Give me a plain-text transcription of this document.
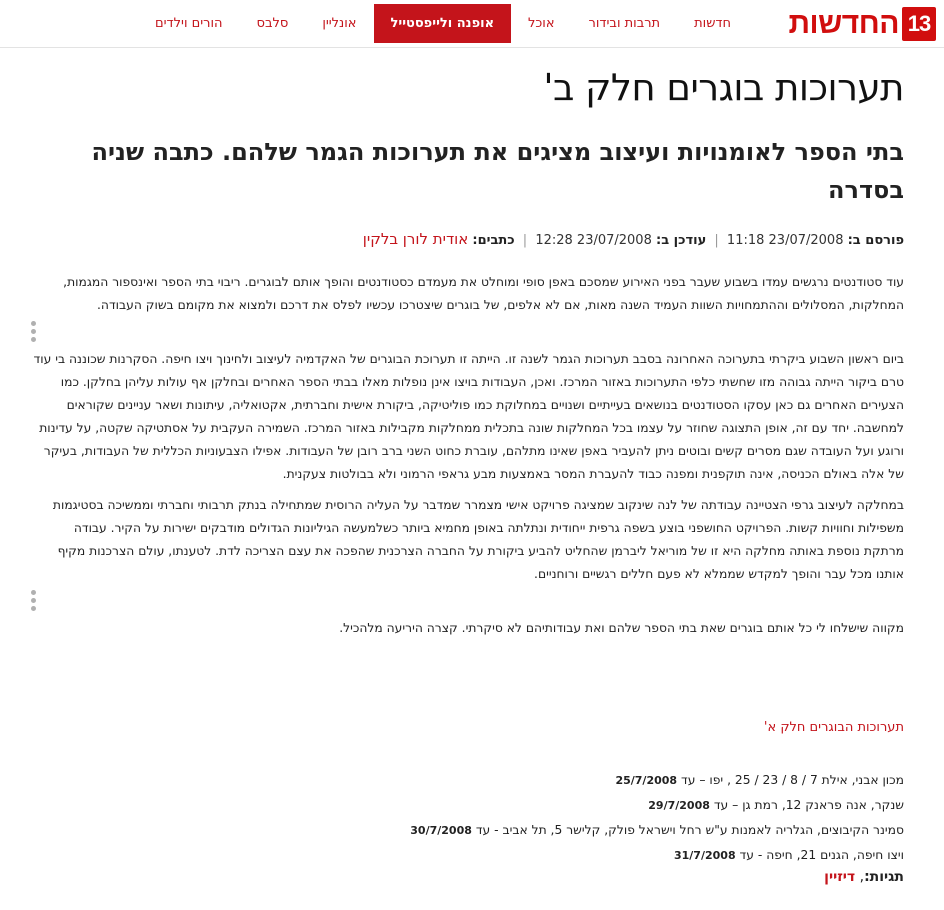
13
החדשות
חדשות
תרבות ובידור
אוכל
אופנה ולייפסטייל
אונליין
סלבס
הורים וילדים
תערוכות בוגרים חלק ב'
בתי הספר לאומנויות ועיצוב מציגים את תערוכות הגמר שלהם. כתבה שניה בסדרה
פורסם ב: 23/07/2008 11:18 | עודכן ב: 23/07/2008 12:28 | כתבים: אודית לורן בלקין

עוד סטודנטים נרגשים עמדו בשבוע שעבר בפני האירוע שמסכם באפן סופי ומוחלט את מעמדם כסטודנטים והופך אותם לבוגרים. ריבוי בתי הספר ואינספור המגמות, המחלקות, המסלולים וההתמחויות השוות העמיד השנה מאות, אם לא אלפים, של בוגרים שיצטרכו עכשיו לפלס את דרכם ולמצוא את מקומם בשוק העבודה.

ביום ראשון השבוע ביקרתי בתערוכה האחרונה בסבב תערוכות הגמר לשנה זו. הייתה זו תערוכת הבוגרים של האקדמיה לעיצוב ולחינוך ויצו חיפה. הסקרנות שכוננה בי עוד טרם ביקור הייתה גבוהה מזו שחשתי כלפי התערוכות באזור המרכז. ואכן, העבודות בויצו אינן נופלות מאלו בבתי הספר האחרים ובחלקן אף עולות עליהן בחלקן. כמו הצעירים האחרים גם כאן עסקו הסטודנטים בנושאים בעייתיים ושנויים במחלוקת כמו פוליטיקה, ביקורת אישית וחברתית, אקטואליה, עיתונות ושאר עניינים שקוראים למחשבה. יחד עם זה, אופן התצוגה שחוזר על עצמו בכל המחלקות שונה בתכלית ממחלקות מקבילות באזור המרכז. השמירה העקבית על אסתטיקה שקטה, על עדינות ורוגע ועל העובדה שגם מסרים קשים ובוטים ניתן להעביר באפן שאינו מתלהם, עוברת כחוט השני ברב רובן של העבודות. אפילו הצבעוניות הכללית של העבודות, בעיקר של אלה באולם הכניסה, אינה תוקפנית ומפנה כבוד להעברת המסר באמצעות מבע גראפי הרמוני ולא בבולטות צעקנית.

במחלקה לעיצוב גרפי הצטיינה עבודתה של לנה שינקוב שמציגה פרויקט אישי מצמרר שמדבר על העליה הרוסית שמתחילה בנתק תרבותי וחברתי וממשיכה בסטיגמות משפילות וחוויות קשות. הפרויקט החושפני בוצע בשפה גרפית ייחודית ונתלתה באופן מחמיא ביותר כשלמעשה הגיליונות הגדולים מודבקים ישירות על הקיר. עבודה מרתקת נוספת באותה מחלקה היא זו של מוריאל ליברמן שהחליט להביע ביקורת על החברה הצרכנית שהפכה את עצם הצריכה לדת. לטענתו, עולם הצרכנות מקיף אותנו מכל עבר והופך למקדש שממלא לא פעם חללים רגשיים ורוחניים.

מקווה שישלחו לי כל אותם בוגרים שאת בתי הספר שלהם ואת עבודותיהם לא סיקרתי. קצרה היריעה מלהכיל.

תערוכות הבוגרים חלק א'
מכון אבני, אילת 7 / 8 / 23 / 25 , יפו – עד 25/7/2008
שנקר, אנה פראנק 12, רמת גן – עד 29/7/2008
סמינר הקיבוצים, הגלריה לאמנות ע"ש רחל וישראל פולק, קלישר 5, תל אביב - עד 30/7/2008
ויצו חיפה, הגנים 21, חיפה - עד 31/7/2008
תגיות:, דיזיין
